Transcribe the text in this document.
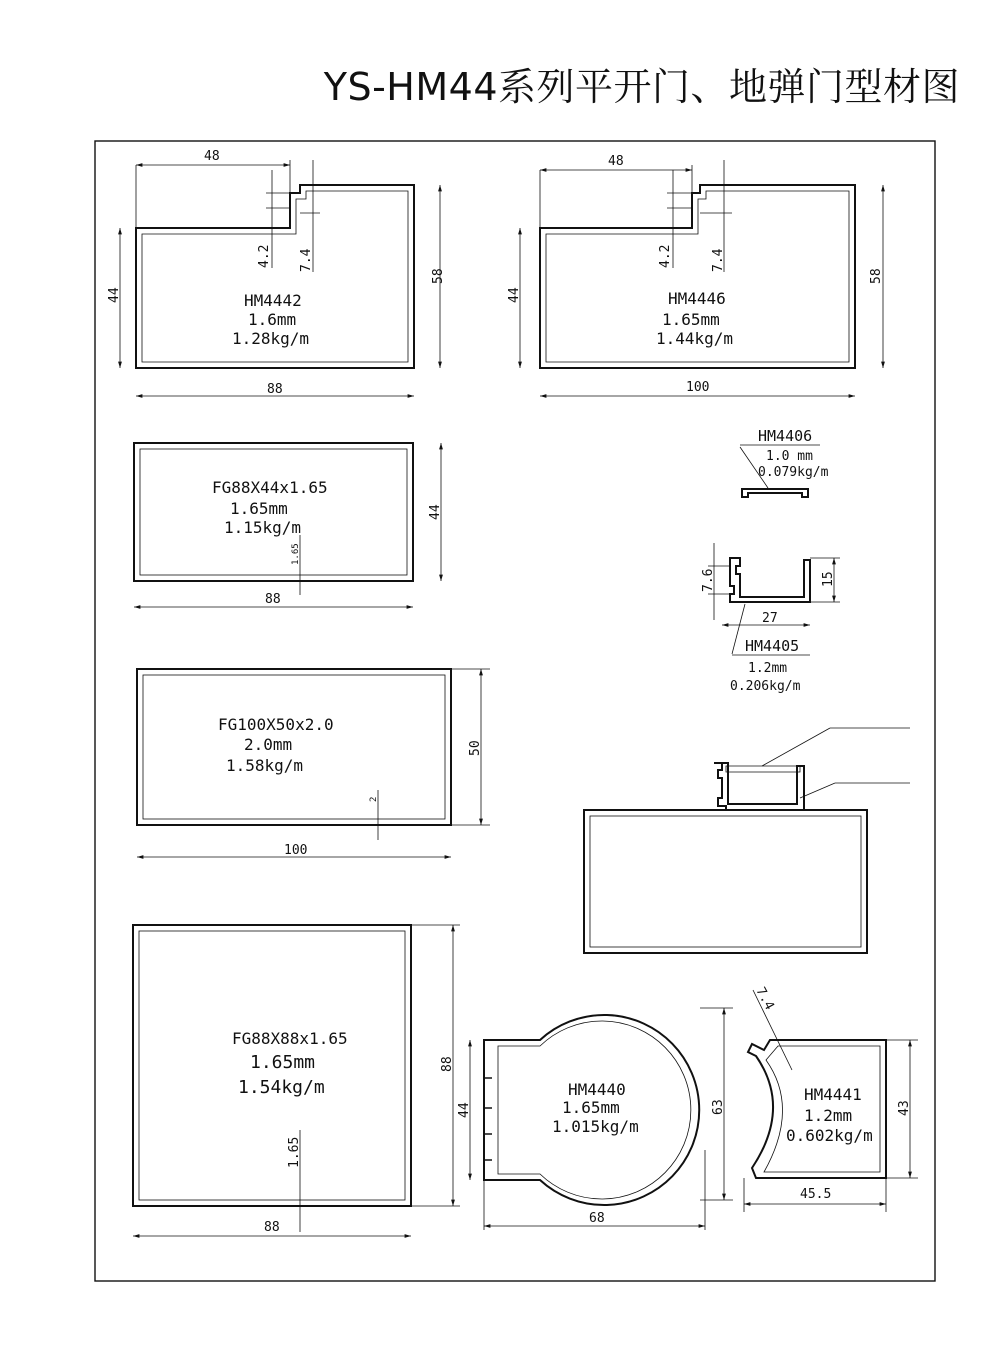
YS-HM44系列平开门、地弹门型材图
48
44
58
88
4.2 7.4
HM4442
1.6mm
1.28kg/m
48
44
58
100
4.2	7.4
HM4446
1.65mm
1.44kg/m
44
88
1.65
FG88X44x1.65
1.65mm
1.15kg/m
HM4406
1.0 mm
0.079kg/m
7.6	15
27
HM4405
1.2mm
0.206kg/m
50
100
2
FG100X50x2.0
2.0mm
1.58kg/m
88
88
1.65
FG88X88x1.65
1.65mm
1.54kg/m
44	63
68
HM4440
1.65mm
1.015kg/m
7.4
43
45.5
HM4441
1.2mm
0.602kg/m
